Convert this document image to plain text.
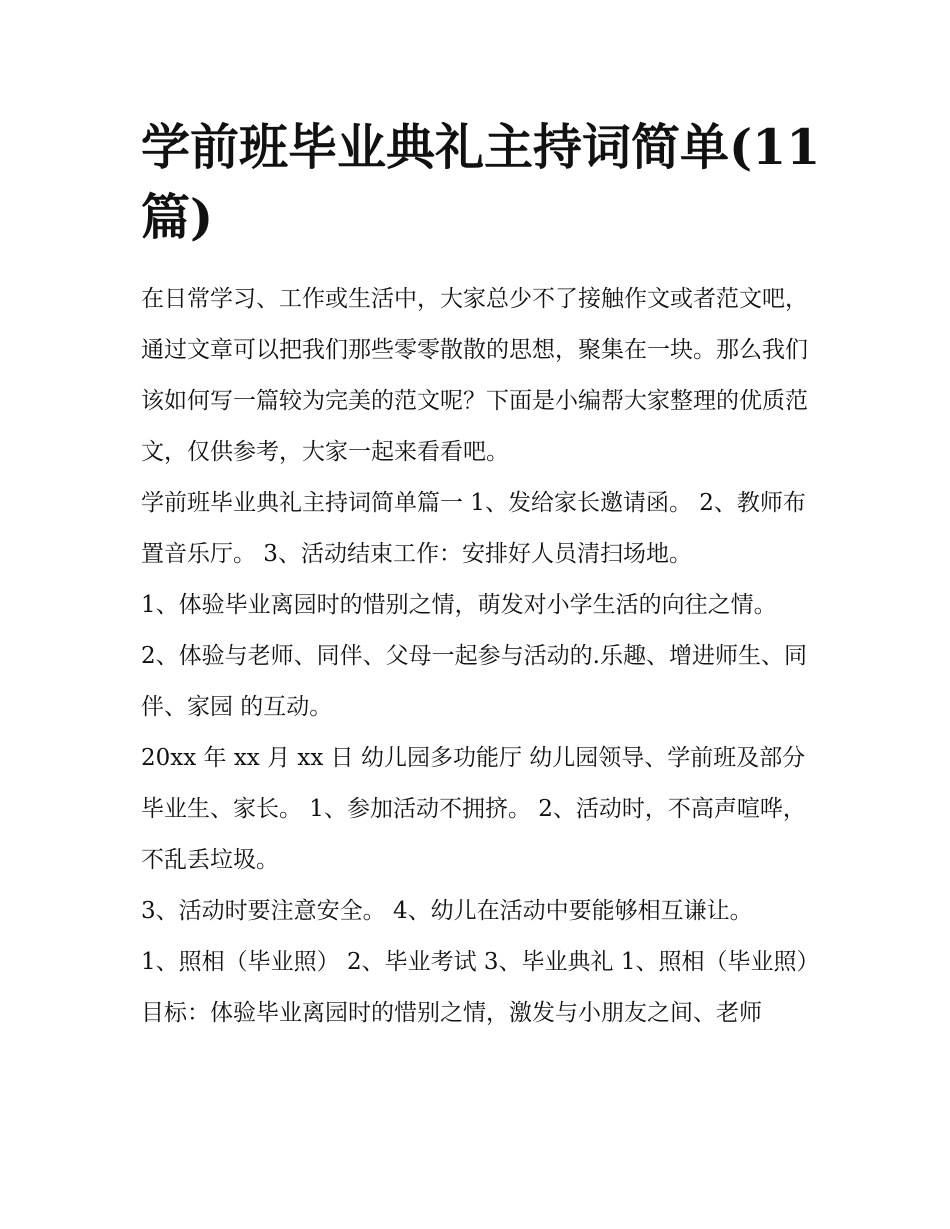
学前班毕业典礼主持词简单(11篇)

在日常学习、工作或生活中，大家总少不了接触作文或者范文吧，通过文章可以把我们那些零零散散的思想，聚集在一块。那么我们该如何写一篇较为完美的范文呢？下面是小编帮大家整理的优质范文，仅供参考，大家一起来看看吧。

学前班毕业典礼主持词简单篇一 1、发给家长邀请函。 2、教师布置音乐厅。 3、活动结束工作：安排好人员清扫场地。

1、体验毕业离园时的惜别之情，萌发对小学生活的向往之情。 2、体验与老师、同伴、父母一起参与活动的.乐趣、增进师生、同伴、家园 的互动。

20xx 年 xx 月 xx 日 幼儿园多功能厅 幼儿园领导、学前班及部分毕业生、家长。 1、参加活动不拥挤。 2、活动时，不高声喧哗，不乱丢垃圾。

3、活动时要注意安全。 4、幼儿在活动中要能够相互谦让。

1、照相（毕业照） 2、毕业考试 3、毕业典礼 1、照相（毕业照）

目标：体验毕业离园时的惜别之情，激发与小朋友之间、老师
